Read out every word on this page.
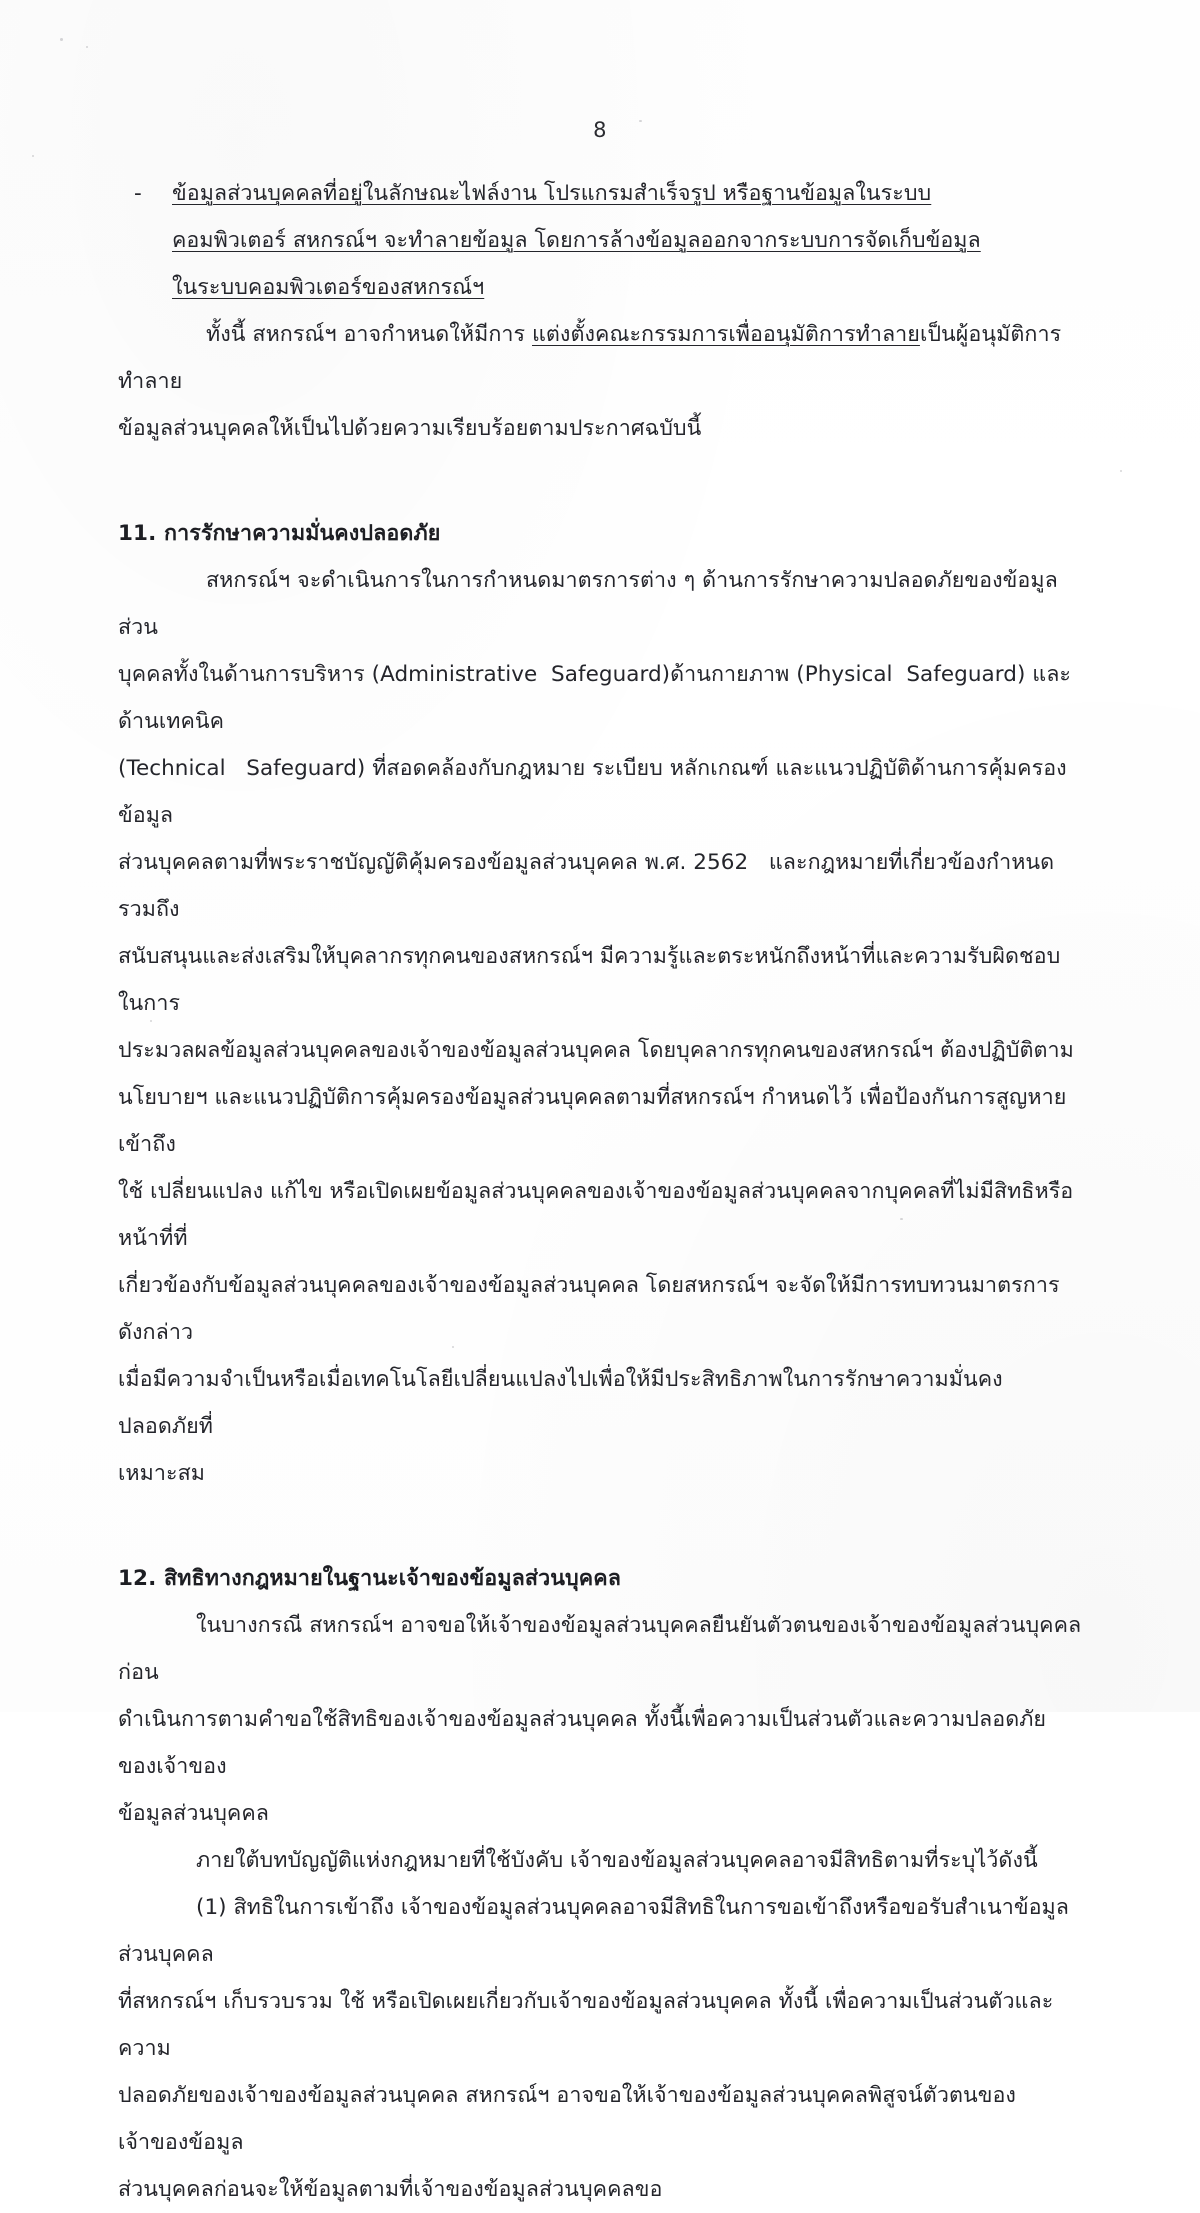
8
-	ข้อมูลส่วนบุคคลที่อยู่ในลักษณะไฟล์งาน โปรแกรมสำเร็จรูป หรือฐานข้อมูลในระบบ

คอมพิวเตอร์ สหกรณ์ฯ จะทำลายข้อมูล โดยการล้างข้อมูลออกจากระบบการจัดเก็บข้อมูล

ในระบบคอมพิวเตอร์ของสหกรณ์ฯ

ทั้งนี้ สหกรณ์ฯ อาจกำหนดให้มีการ แต่งตั้งคณะกรรมการเพื่ออนุมัติการทำลายเป็นผู้อนุมัติการทำลาย

ข้อมูลส่วนบุคคลให้เป็นไปด้วยความเรียบร้อยตามประกาศฉบับนี้

11. การรักษาความมั่นคงปลอดภัย

สหกรณ์ฯ จะดำเนินการในการกำหนดมาตรการต่าง ๆ ด้านการรักษาความปลอดภัยของข้อมูลส่วน

บุคคลทั้งในด้านการบริหาร (Administrative  Safeguard)ด้านกายภาพ (Physical  Safeguard) และด้านเทคนิค

(Technical   Safeguard) ที่สอดคล้องกับกฎหมาย ระเบียบ หลักเกณฑ์ และแนวปฏิบัติด้านการคุ้มครองข้อมูล

ส่วนบุคคลตามที่พระราชบัญญัติคุ้มครองข้อมูลส่วนบุคคล พ.ศ. 2562   และกฎหมายที่เกี่ยวข้องกำหนด รวมถึง

สนับสนุนและส่งเสริมให้บุคลากรทุกคนของสหกรณ์ฯ มีความรู้และตระหนักถึงหน้าที่และความรับผิดชอบในการ

ประมวลผลข้อมูลส่วนบุคคลของเจ้าของข้อมูลส่วนบุคคล โดยบุคลากรทุกคนของสหกรณ์ฯ ต้องปฏิบัติตาม

นโยบายฯ และแนวปฏิบัติการคุ้มครองข้อมูลส่วนบุคคลตามที่สหกรณ์ฯ กำหนดไว้ เพื่อป้องกันการสูญหาย เข้าถึง

ใช้ เปลี่ยนแปลง แก้ไข หรือเปิดเผยข้อมูลส่วนบุคคลของเจ้าของข้อมูลส่วนบุคคลจากบุคคลที่ไม่มีสิทธิหรือหน้าที่ที่

เกี่ยวข้องกับข้อมูลส่วนบุคคลของเจ้าของข้อมูลส่วนบุคคล โดยสหกรณ์ฯ จะจัดให้มีการทบทวนมาตรการดังกล่าว

เมื่อมีความจำเป็นหรือเมื่อเทคโนโลยีเปลี่ยนแปลงไปเพื่อให้มีประสิทธิภาพในการรักษาความมั่นคงปลอดภัยที่

เหมาะสม

12. สิทธิทางกฎหมายในฐานะเจ้าของข้อมูลส่วนบุคคล

ในบางกรณี สหกรณ์ฯ อาจขอให้เจ้าของข้อมูลส่วนบุคคลยืนยันตัวตนของเจ้าของข้อมูลส่วนบุคคลก่อน

ดำเนินการตามคำขอใช้สิทธิของเจ้าของข้อมูลส่วนบุคคล ทั้งนี้เพื่อความเป็นส่วนตัวและความปลอดภัยของเจ้าของ

ข้อมูลส่วนบุคคล

ภายใต้บทบัญญัติแห่งกฎหมายที่ใช้บังคับ เจ้าของข้อมูลส่วนบุคคลอาจมีสิทธิตามที่ระบุไว้ดังนี้

(1) สิทธิในการเข้าถึง เจ้าของข้อมูลส่วนบุคคลอาจมีสิทธิในการขอเข้าถึงหรือขอรับสำเนาข้อมูลส่วนบุคคล

ที่สหกรณ์ฯ เก็บรวบรวม ใช้ หรือเปิดเผยเกี่ยวกับเจ้าของข้อมูลส่วนบุคคล ทั้งนี้ เพื่อความเป็นส่วนตัวและความ

ปลอดภัยของเจ้าของข้อมูลส่วนบุคคล สหกรณ์ฯ อาจขอให้เจ้าของข้อมูลส่วนบุคคลพิสูจน์ตัวตนของเจ้าของข้อมูล

ส่วนบุคคลก่อนจะให้ข้อมูลตามที่เจ้าของข้อมูลส่วนบุคคลขอ
